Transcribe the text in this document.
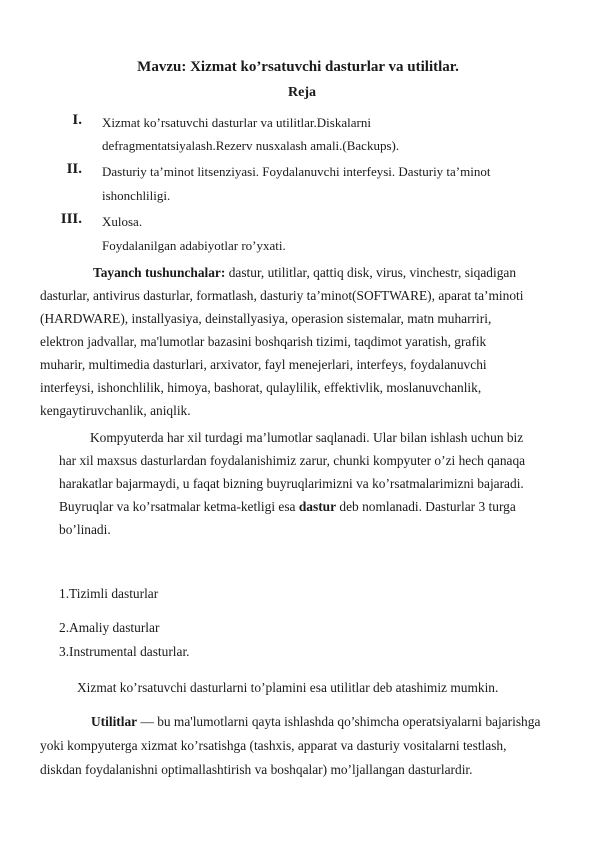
Mavzu: Xizmat ko’rsatuvchi dasturlar va utilitlar.
Reja
I. Xizmat ko’rsatuvchi dasturlar va utilitlar.Diskalarni
defragmentatsiyalash.Rezerv nusxalash amali.(Backups).
II. Dasturiy ta’minot litsenziyasi. Foydalanuvchi interfeysi. Dasturiy ta’minot
ishonchliligi.
III. Xulosa.
Foydalanilgan adabiyotlar ro’yxati.
Tayanch tushunchalar: dastur, utilitlar, qattiq disk, virus, vinchestr, siqadigan
dasturlar, antivirus dasturlar, formatlash, dasturiy ta’minot(SOFTWARE), aparat ta’minoti
(HARDWARE), installyasiya, deinstallyasiya, operasion sistemalar, matn muharriri,
elektron jadvallar, ma'lumotlar bazasini boshqarish tizimi, taqdimot yaratish, grafik
muharir, multimedia dasturlari, arxivator, fayl menejerlari, interfeys, foydalanuvchi
interfeysi, ishonchlilik, himoya, bashorat, qulaylilik, effektivlik, moslanuvchanlik,
kengaytiruvchanlik, aniqlik.
Kompyuterda har xil turdagi ma’lumotlar saqlanadi. Ular bilan ishlash uchun biz
har xil maxsus dasturlardan foydalanishimiz zarur, chunki kompyuter o’zi hech qanaqa
harakatlar bajarmaydi, u faqat bizning buyruqlarimizni va ko’rsatmalarimizni bajaradi.
Buyruqlar va ko’rsatmalar ketma-ketligi esa dastur deb nomlanadi. Dasturlar 3 turga
bo’linadi.
1.Tizimli dasturlar
2.Amaliy dasturlar
3.Instrumental dasturlar.
Xizmat ko’rsatuvchi dasturlarni to’plamini esa utilitlar deb atashimiz mumkin.
Utilitlar — bu ma'lumotlarni qayta ishlashda qo’shimcha operatsiyalarni bajarishga
yoki kompyuterga xizmat ko’rsatishga (tashxis, apparat va dasturiy vositalarni testlash,
diskdan foydalanishni optimallashtirish va boshqalar) mo’ljallangan dasturlardir.
